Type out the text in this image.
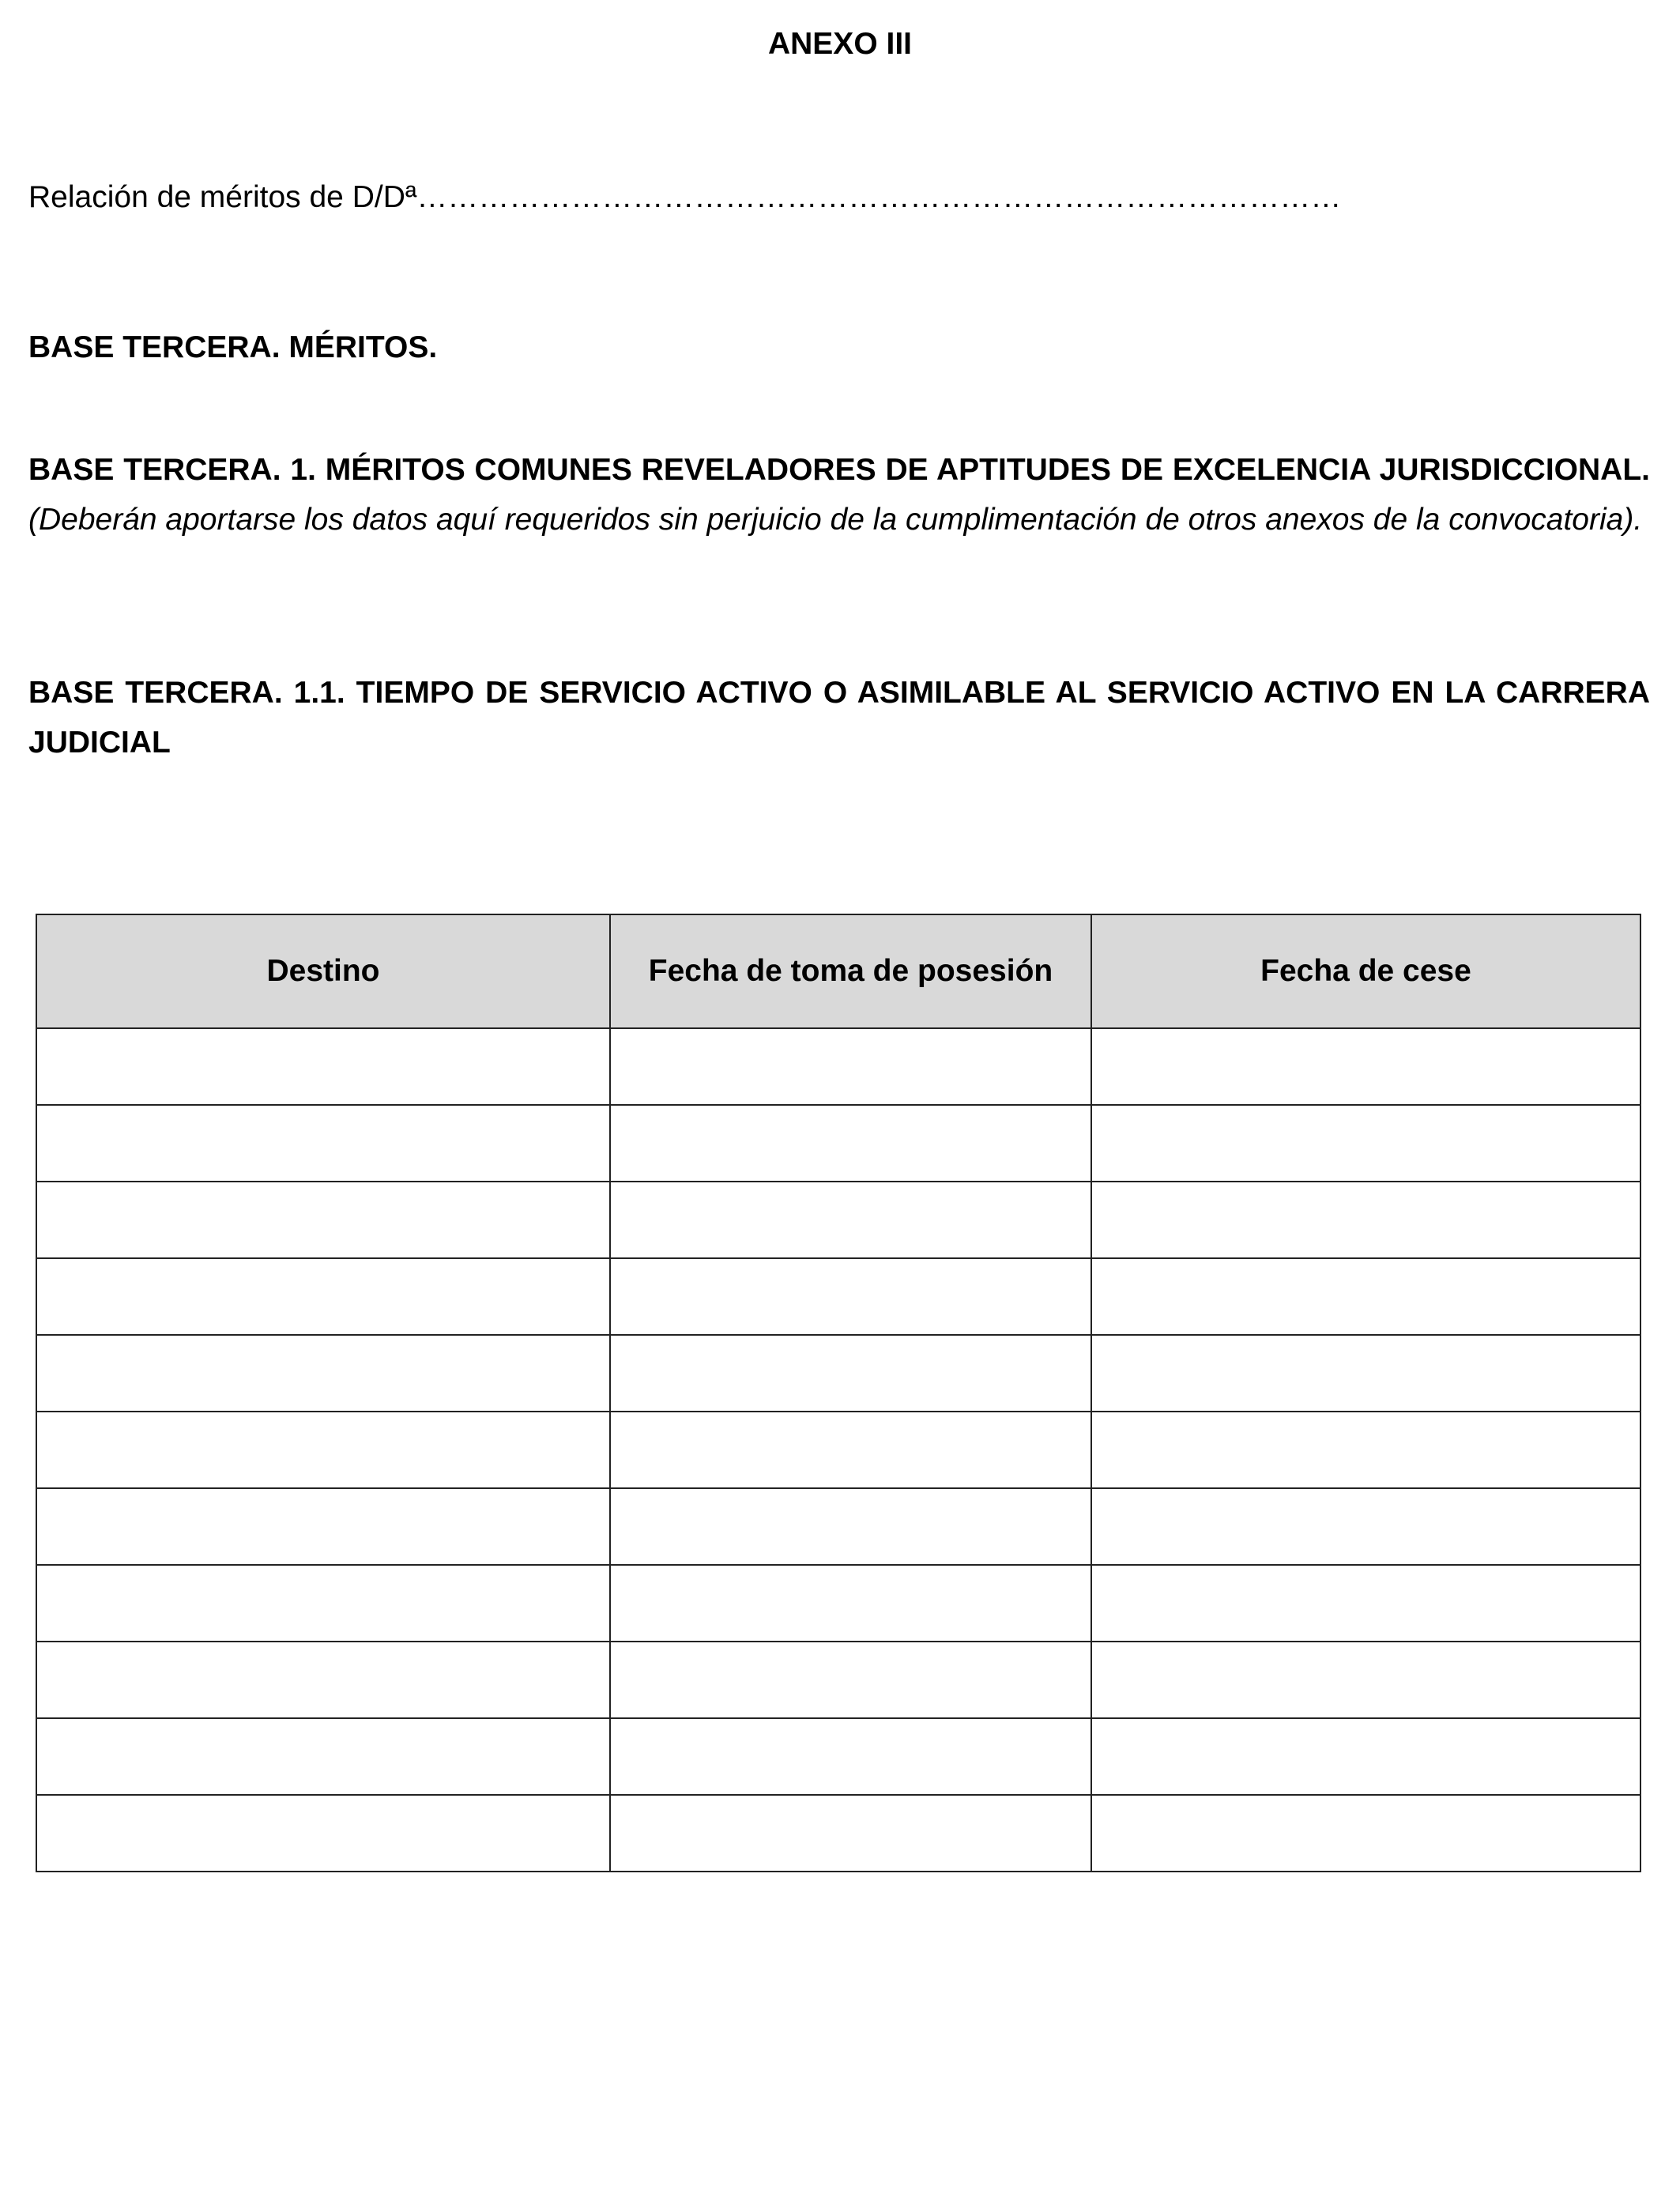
ANEXO III

Relación de méritos de D/Dª………………………………………………………………………………

BASE TERCERA. MÉRITOS.

BASE TERCERA. 1. MÉRITOS COMUNES REVELADORES DE APTITUDES DE EXCELENCIA JURISDICCIONAL. (Deberán aportarse los datos aquí requeridos sin perjuicio de la cumplimentación de otros anexos de la convocatoria).

BASE TERCERA. 1.1. TIEMPO DE SERVICIO ACTIVO O ASIMILABLE AL SERVICIO ACTIVO EN LA CARRERA JUDICIAL

Destino	Fecha de toma de posesión	Fecha de cese
